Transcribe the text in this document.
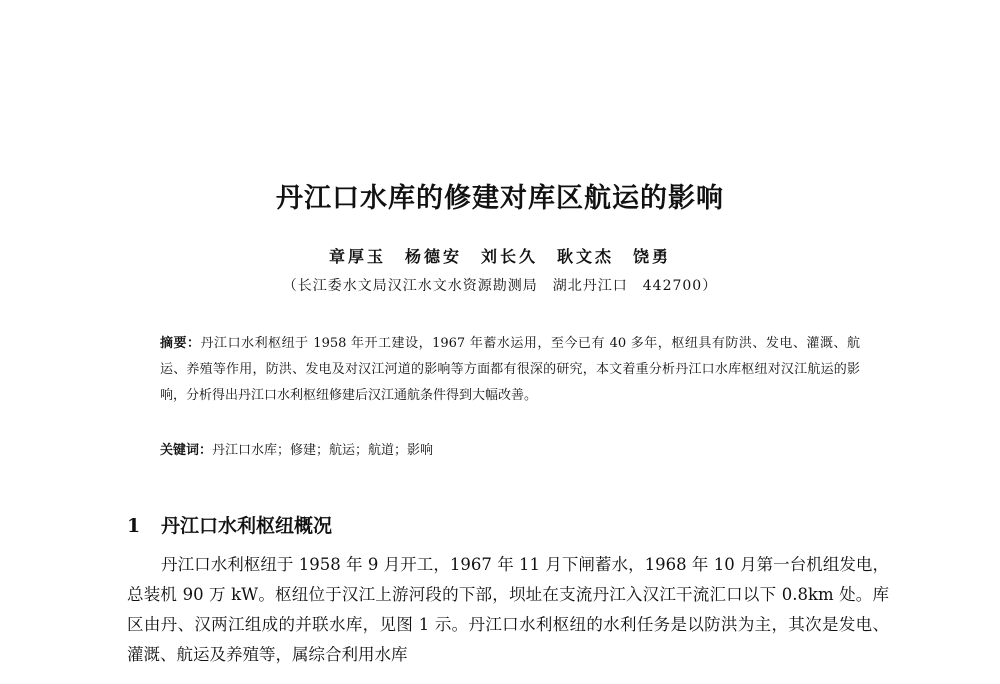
丹江口水库的修建对库区航运的影响
章厚玉　杨德安　刘长久　耿文杰　饶勇
（长江委水文局汉江水文水资源勘测局　湖北丹江口　442700）
摘要：丹江口水利枢纽于 1958 年开工建设，1967 年蓄水运用，至今已有 40 多年，枢纽具有防洪、发电、灌溉、航运、养殖等作用，防洪、发电及对汉江河道的影响等方面都有很深的研究，本文着重分析丹江口水库枢纽对汉江航运的影响，分析得出丹江口水利枢纽修建后汉江通航条件得到大幅改善。
关键词：丹江口水库；修建；航运；航道；影响
1 丹江口水利枢纽概况
丹江口水利枢纽于 1958 年 9 月开工，1967 年 11 月下闸蓄水，1968 年 10 月第一台机组发电，总装机 90 万 kW。枢纽位于汉江上游河段的下部，坝址在支流丹江入汉江干流汇口以下 0.8km 处。库区由丹、汉两江组成的并联水库，见图 1 示。丹江口水利枢纽的水利任务是以防洪为主，其次是发电、灌溉、航运及养殖等，属综合利用水库
